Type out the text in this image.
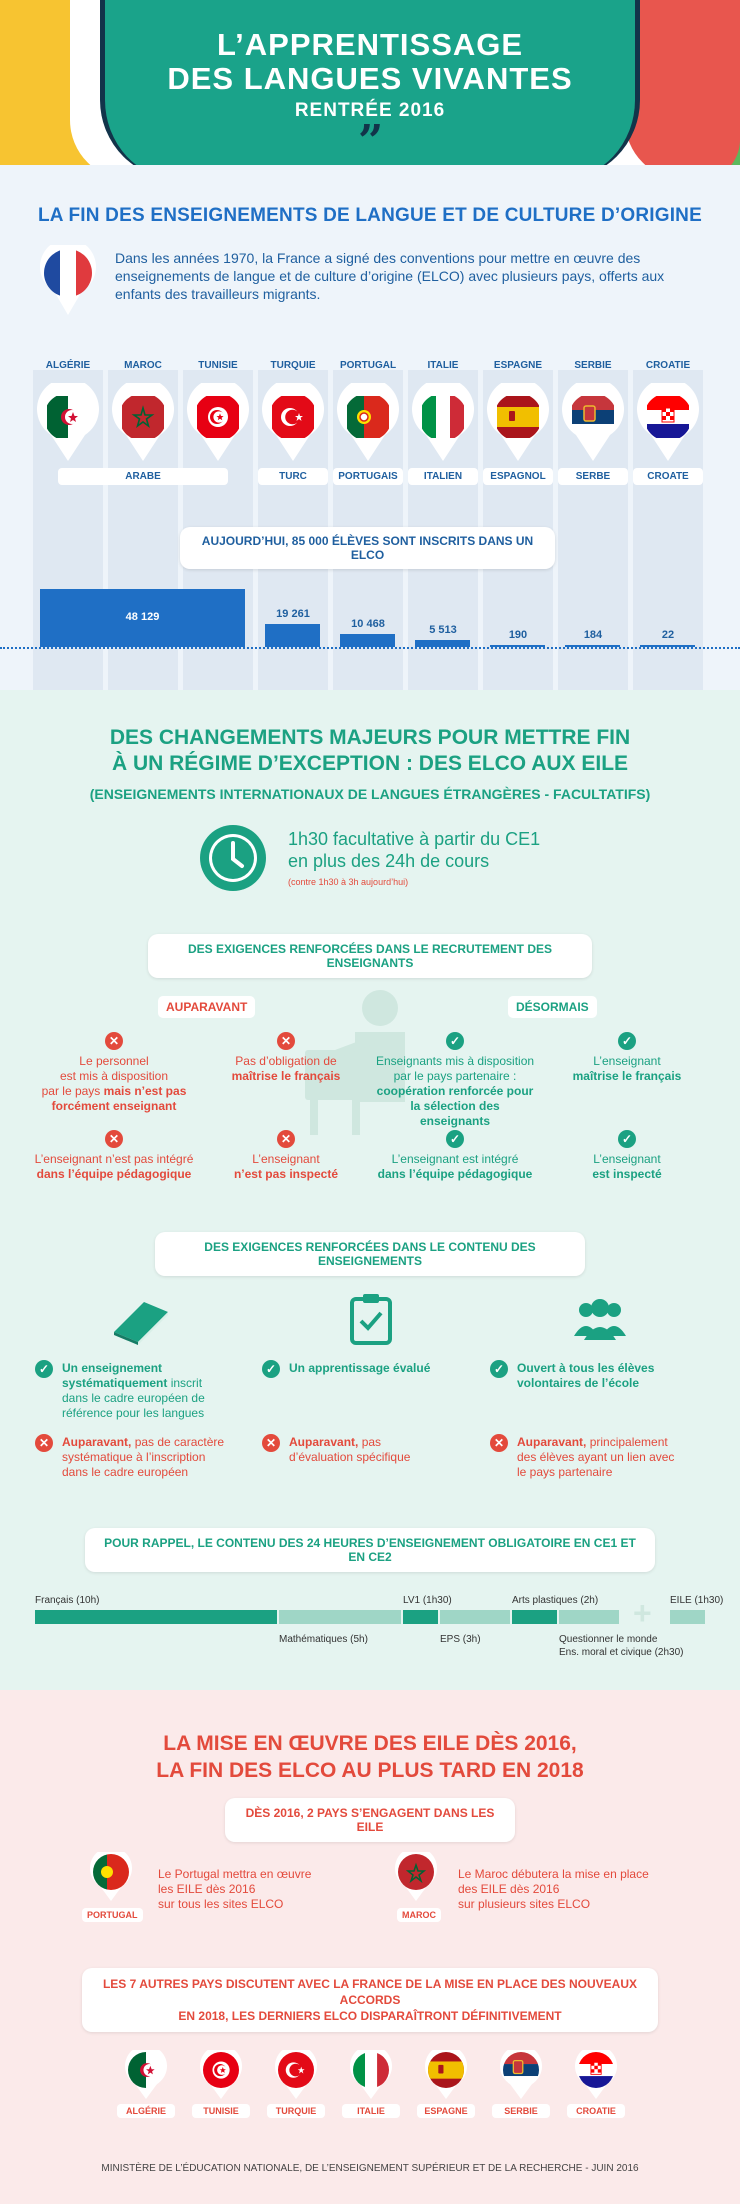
L’APPRENTISSAGE
DES LANGUES VIVANTES
RENTRÉE 2016
”
LA FIN DES ENSEIGNEMENTS DE LANGUE ET DE CULTURE D’ORIGINE
Dans les années 1970, la France a signé des conventions pour mettre en œuvre des enseignements de langue et de culture d’origine (ELCO) avec plusieurs pays, offerts aux enfants des travailleurs migrants.
ALGÉRIE	MAROC	TUNISIE	TURQUIE	PORTUGAL	ITALIE	ESPAGNE	SERBIE	CROATIE
ARABE	TURC	PORTUGAIS	ITALIEN	ESPAGNOL	SERBE	CROATE
AUJOURD’HUI, 85 000 ÉLÈVES SONT INSCRITS DANS UN ELCO
48 129	19 261
10 468	5 513	190	184	22
DES CHANGEMENTS MAJEURS POUR METTRE FIN
À UN RÉGIME D’EXCEPTION : DES ELCO AUX EILE
(ENSEIGNEMENTS INTERNATIONAUX DE LANGUES ÉTRANGÈRES - FACULTATIFS)
1h30 facultative à partir du CE1
en plus des 24h de cours
(contre 1h30 à 3h aujourd’hui)
DES EXIGENCES RENFORCÉES DANS LE RECRUTEMENT DES ENSEIGNANTS
AUPARAVANT	DÉSORMAIS
✕
Le personnel
est mis à disposition
par le pays mais n’est pas
forcément enseignant
✕
Pas d’obligation de
maîtrise le français
✓
Enseignants mis à disposition
par le pays partenaire :
coopération renforcée pour
la sélection des enseignants
✓
L’enseignant
maîtrise le français
✕
L’enseignant n’est pas intégré
dans l’équipe pédagogique
✕
L’enseignant
n’est pas inspecté
✓
L’enseignant est intégré
dans l’équipe pédagogique
✓
L’enseignant
est inspecté
DES EXIGENCES RENFORCÉES DANS LE CONTENU DES ENSEIGNEMENTS
✓	Un enseignement systématiquement inscrit dans le cadre européen de référence pour les langues
✕	Auparavant, pas de caractère systématique à l’inscription dans le cadre européen
✓	Un apprentissage évalué
✕	Auparavant, pas d’évaluation spécifique
✓	Ouvert à tous les élèves volontaires de l’école
✕	Auparavant, principalement des élèves ayant un lien avec le pays partenaire
POUR RAPPEL, LE CONTENU DES 24 HEURES D’ENSEIGNEMENT OBLIGATOIRE EN CE1 ET EN CE2
+
Français (10h)
Mathématiques (5h)
LV1 (1h30)
EPS (3h)
Arts plastiques (2h)
Questionner le monde
Ens. moral et civique (2h30)
EILE (1h30)
LA MISE EN ŒUVRE DES EILE DÈS 2016,
LA FIN DES ELCO AU PLUS TARD EN 2018
DÈS 2016, 2 PAYS S’ENGAGENT DANS LES EILE
PORTUGAL
Le Portugal mettra en œuvre
les EILE dès 2016
sur tous les sites ELCO
MAROC
Le Maroc débutera la mise en place
des EILE dès 2016
sur plusieurs sites ELCO
LES 7 AUTRES PAYS DISCUTENT AVEC LA FRANCE DE LA MISE EN PLACE DES NOUVEAUX ACCORDS
EN 2018, LES DERNIERS ELCO DISPARAÎTRONT DÉFINITIVEMENT
ALGÉRIE	TUNISIE	TURQUIE	ITALIE	ESPAGNE	SERBIE	CROATIE
MINISTÈRE DE L’ÉDUCATION NATIONALE, DE L’ENSEIGNEMENT SUPÉRIEUR ET DE LA RECHERCHE - JUIN 2016
